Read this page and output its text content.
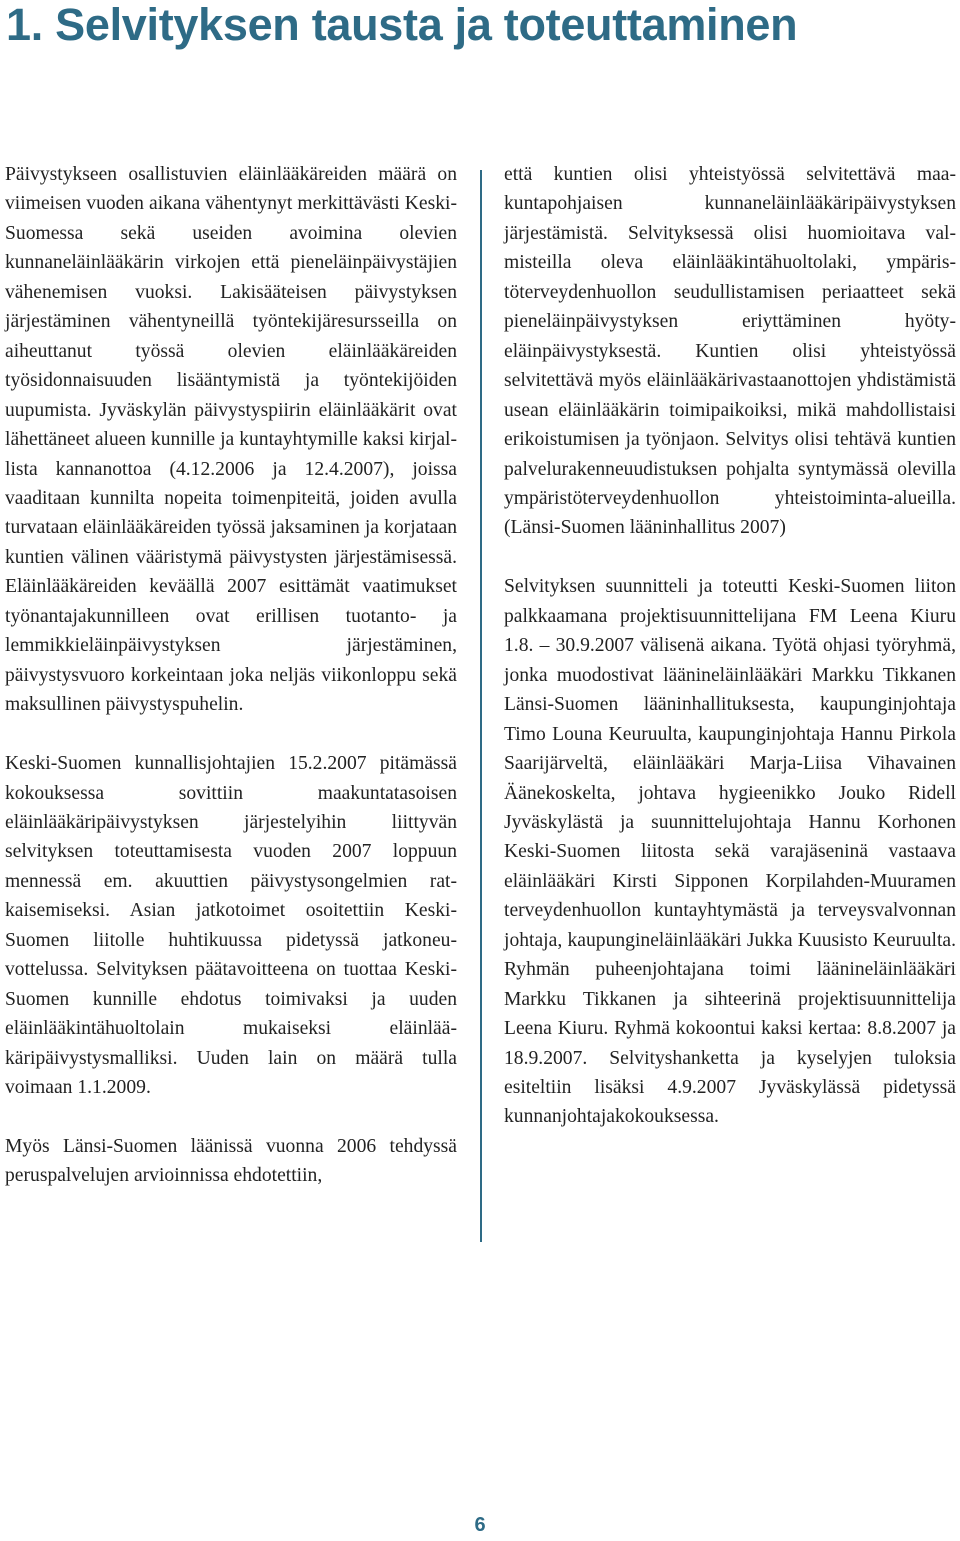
1. Selvityksen tausta ja toteuttaminen

Päivystykseen osallistuvien eläinlääkäreiden määrä on viimeisen vuoden aikana vähentynyt merkittävästi Keski-Suomessa sekä useiden avoimina olevien kunnaneläinlääkärin virkojen että pieneläinpäivystäjien vähenemisen vuoksi. Lakisääteisen päivystyksen järjestäminen vähentyneillä työntekijäresursseilla on aiheuttanut työssä olevien eläinlääkäreiden työsidonnaisuuden lisääntymistä ja työntekijöiden uupumista. Jyväskylän päivystyspiirin eläinlääkärit ovat lähettäneet alueen kunnille ja kuntayhtymille kaksi kirjallista kannanottoa (4.12.2006 ja 12.4.2007), joissa vaaditaan kunnilta nopeita toimenpiteitä, joiden avulla turvataan eläinlääkäreiden työssä jaksaminen ja korjataan kuntien välinen vääristymä päivystysten järjestämisessä. Eläinlääkäreiden keväällä 2007 esittämät vaatimukset työnantajakunnilleen ovat erillisen tuotanto- ja lemmikkieläinpäivystyksen järjestäminen, päivystysvuoro korkeintaan joka neljäs viikonloppu sekä maksullinen päivystyspuhelin.

Keski-Suomen kunnallisjohtajien 15.2.2007 pitämässä kokouksessa sovittiin maakuntatasoisen eläinlääkäripäivystyksen järjestelyihin liittyvän selvityksen toteuttamisesta vuoden 2007 loppuun mennessä em. akuuttien päivystysongelmien ratkaisemiseksi. Asian jatkotoimet osoitettiin Keski-Suomen liitolle huhtikuussa pidetyssä jatkoneuvottelussa. Selvityksen päätavoitteena on tuottaa Keski-Suomen kunnille ehdotus toimivaksi ja uuden eläinlääkintähuoltolain mukaiseksi eläinlääkäripäivystysmalliksi. Uuden lain on määrä tulla voimaan 1.1.2009.

Myös Länsi-Suomen läänissä vuonna 2006 tehdyssä peruspalvelujen arvioinnissa ehdotettiin,

että kuntien olisi yhteistyössä selvitettävä maakuntapohjaisen kunnaneläinlääkäripäivystyksen järjestämistä. Selvityksessä olisi huomioitava valmisteilla oleva eläinlääkintähuoltolaki, ympäristöterveydenhuollon seudullistamisen periaatteet sekä pieneläinpäivystyksen eriyttäminen hyötyeläinpäivystyksestä. Kuntien olisi yhteistyössä selvitettävä myös eläinlääkärivastaanottojen yhdistämistä usean eläinlääkärin toimipaikoiksi, mikä mahdollistaisi erikoistumisen ja työnjaon. Selvitys olisi tehtävä kuntien palvelurakenneuudistuksen pohjalta syntymässä olevilla ympäristöterveydenhuollon yhteistoiminta-alueilla. (Länsi-Suomen lääninhallitus 2007)

Selvityksen suunnitteli ja toteutti Keski-Suomen liiton palkkaamana projektisuunnittelijana FM Leena Kiuru 1.8. – 30.9.2007 välisenä aikana. Työtä ohjasi työryhmä, jonka muodostivat läänineläinlääkäri Markku Tikkanen Länsi-Suomen lääninhallituksesta, kaupunginjohtaja Timo Louna Keuruulta, kaupunginjohtaja Hannu Pirkola Saarijärveltä, eläinlääkäri Marja-Liisa Vihavainen Äänekoskelta, johtava hygieenikko Jouko Ridell Jyväskylästä ja suunnittelujohtaja Hannu Korhonen Keski-Suomen liitosta sekä varajäseninä vastaava eläinlääkäri Kirsti Sipponen Korpilahden-Muuramen terveydenhuollon kuntayhtymästä ja terveysvalvonnan johtaja, kaupungineläinlääkäri Jukka Kuusisto Keuruulta. Ryhmän puheenjohtajana toimi läänineläinlääkäri Markku Tikkanen ja sihteerinä projektisuunnittelija Leena Kiuru. Ryhmä kokoontui kaksi kertaa: 8.8.2007 ja 18.9.2007. Selvityshanketta ja kyselyjen tuloksia esiteltiin lisäksi 4.9.2007 Jyväskylässä pidetyssä kunnanjohtajakokouksessa.

6
